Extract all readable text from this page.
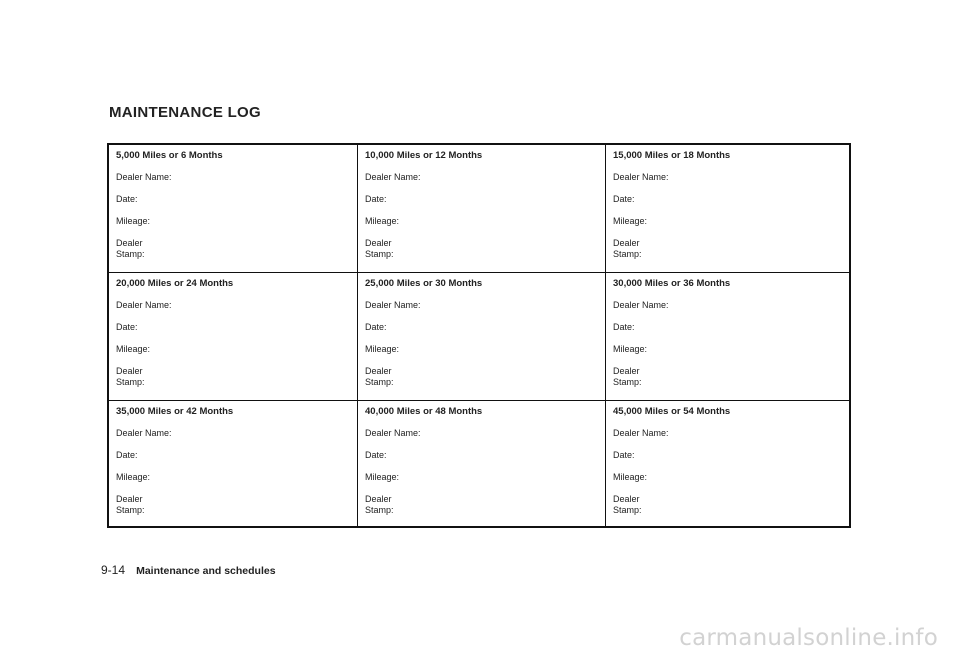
MAINTENANCE LOG
5,000 Miles or 6 Months
Dealer Name:
Date:
Mileage:
Dealer
Stamp:
10,000 Miles or 12 Months
Dealer Name:
Date:
Mileage:
Dealer
Stamp:
15,000 Miles or 18 Months
Dealer Name:
Date:
Mileage:
Dealer
Stamp:
20,000 Miles or 24 Months
Dealer Name:
Date:
Mileage:
Dealer
Stamp:
25,000 Miles or 30 Months
Dealer Name:
Date:
Mileage:
Dealer
Stamp:
30,000 Miles or 36 Months
Dealer Name:
Date:
Mileage:
Dealer
Stamp:
35,000 Miles or 42 Months
Dealer Name:
Date:
Mileage:
Dealer
Stamp:
40,000 Miles or 48 Months
Dealer Name:
Date:
Mileage:
Dealer
Stamp:
45,000 Miles or 54 Months
Dealer Name:
Date:
Mileage:
Dealer
Stamp:
9-14 Maintenance and schedules
carmanualsonline.info
